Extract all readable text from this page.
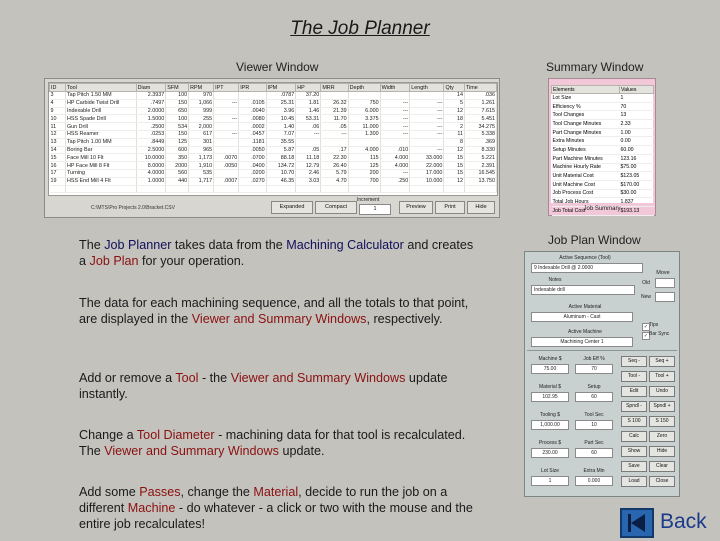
The Job Planner
Viewer Window	Summary Window
ID	Tool	Diam	SFM	RPM	IPT	IPR	IPM	HP	MRR	Depth	Width	Length	Qty	Time
3	Tap Pitch 1.50 MM	2.3937	100	970			.0787	37.20					14	.036
4	HP Carbide Twist Drill	.7497	150	1,066	---	.0105	25.31	1.81	26.32	750	---	---	5	1.261
9	Indexable Drill	2.0000	650	999		.0040	3.96	1.46	21.39	6.000	---	---	12	7.615
10	HSS Spade Drill	1.5000	100	255	---	.0080	10.45	53.31	11.70	3.375	---	---	18	5.451
11	Gun Drill	.2500	534	2,000		.0002	1.40	.06	.05	11.000	---	---	2	34.275
12	HSS Reamer	.0253	150	617	---	.0457	7.07	---	---	1.300	---	---	11	5.338
13	Tap Pitch 1.00 MM	.8449	125	301		.1181	35.55						8	.369
14	Boring Bar	2.5000	600	965		.0050	5.87	.05	.17	4.000	.010	---	12	8.330
15	Face Mill 10 Flt	10.0000	350	1,173	.0070	.0700	88.18	11.18	22.30	115	4.000	33.000	15	5.221
16	HP Face Mill 8 Flt	8.0000	2000	1,910	.0050	.0400	134.72	12.79	26.40	125	4.000	22.000	15	2.391
17	Turning	4.0000	560	535		.0200	10.70	2.46	5.79	200	---	17.000	15	16.545
19	HSS End Mill 4 Flt	1.0000	440	1,717	.0007	.0270	46.35	3.03	4.70	700	.250	10.000	12	13.750

C:\MTS\Pro Projects 2.0\Bracket.CSV	Expanded	Compact
Increment
1	Preview	Print	Hide
Elements	Values
Lot Size	1
Efficiency %	70
Tool Changes	13
Tool Change Minutes	2.33
Part Change Minutes	1.00
Extra Minutes	0.00
Setup Minutes	60.00
Part Machine Minutes	123.16
Machine Hourly Rate	$75.00
Unit Material Cost	$123.05
Unit Machine Cost	$170.00
Job Process Cost	$30.00
Total Job Hours	1.837
Job Total Cost	$193.13
Job Summary
The Job Planner takes data from the Machining Calculator and creates a Job Plan for your operation.
The data for each machining sequence, and all the totals to that point, are displayed in the Viewer and Summary Windows, respectively.
Add or remove a Tool - the Viewer and Summary Windows update instantly.
Change a Tool Diameter - machining data for that tool is recalculated. The Viewer and Summary Windows update.
Add some Passes, change the Material, decide to run the job on a different Machine - do whatever - a click or two with the mouse and the entire job recalculates!
Job Plan Window
Active Sequence (Tool)
9 Indexable Drill @ 2.0000
Move
Notes	Old
Indexable drill
New
Active Material
Aluminum - Cast
✓ Tips
Active Machine
✓ Bar Sync
Machining Center 1
Machine $
75.00
Job Eff %
70
Material $
102.95
Setup
60
Tooling $
1,000.00
Tool Sec
10
Process $
230.00
Part Sec
60
Lot Size
1
Extra Min
0.000
Seq -	Seq +
Tool -	Tool +
Edit	Undo
Spndl -	Spndl +
S 100	S 150
Calc	Zero
Show	Hide
Save	Clear
Load	Close
Back
